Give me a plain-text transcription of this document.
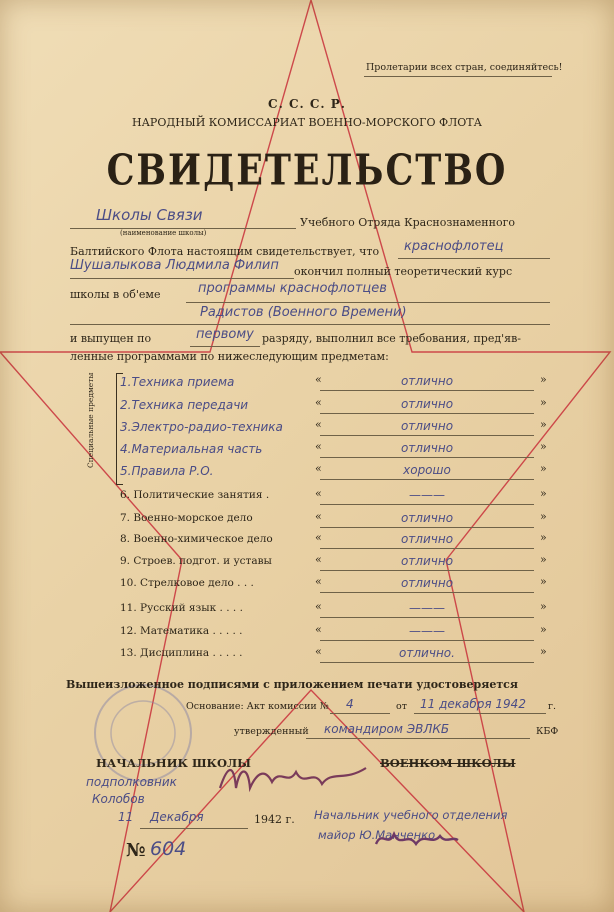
Пролетарии всех стран, соединяйтесь!
С. С. С. Р.
НАРОДНЫЙ КОМИССАРИАТ ВОЕННО-МОРСКОГО ФЛОТА
СВИДЕТЕЛЬСТВО
Школы Связи
(наименование школы)
Учебного Отряда Краснознаменного
Балтийского Флота настоящим свидетельствует, что краснофлотец
Шушалыкова Людмила Филип окончил полный теоретический курс
школы в об'еме	программы краснофлотцев
Радистов (Военного Времени)
и выпущен по	первому разряду, выполнил все требования, пред'яв-
ленные программами по нижеследующим предметам:
Специальные предметы 1.Техника приема	«	отлично	»
2.Техника передачи	«	отлично	»
3.Электро-радио-техника	«	отлично	»
4.Материальная часть	«	отлично	»
5.Правила Р.О.	«	хорошо	»
6. Политические занятия .	«	———	»
7. Военно-морское дело	«	отлично	»
8. Военно-химическое дело	«	отлично	»
9. Строев. подгот. и уставы	«	отлично	»
10. Стрелковое дело . . .	«	отлично	»
11. Русский язык . . . .	«	———	»
12. Математика . . . . .	«	———	»
13. Дисциплина . . . . .	«	отлично.	»
Вышеизложенное подписями с приложением печати удостоверяется
Основание: Акт комиссии № 4	от 11 декабря 1942 г.
утвержденный командиром ЭВЛКБ	КБФ
НАЧАЛЬНИК ШКОЛЫ	ВОЕНКОМ ШКОЛЫ
подполковник
Колобов
11 Декабря	1942 г. Начальник учебного отделения
майор Ю.Манченко
№ 604
